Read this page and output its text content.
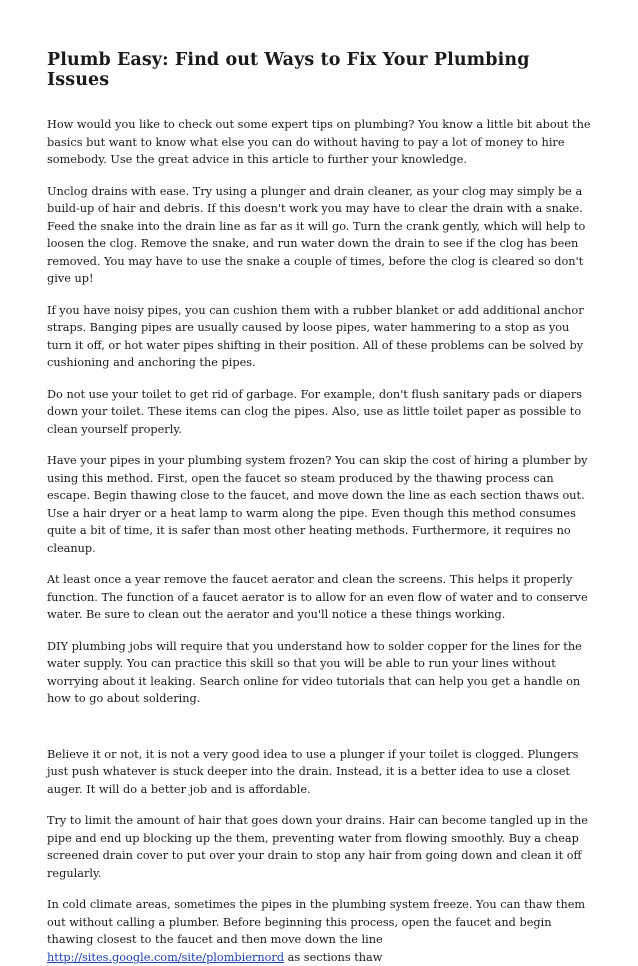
Plumb Easy: Find out Ways to Fix Your Plumbing Issues

How would you like to check out some expert tips on plumbing? You know a little bit about the basics but want to know what else you can do without having to pay a lot of money to hire somebody. Use the great advice in this article to further your knowledge.

Unclog drains with ease. Try using a plunger and drain cleaner, as your clog may simply be a build-up of hair and debris. If this doesn't work you may have to clear the drain with a snake. Feed the snake into the drain line as far as it will go. Turn the crank gently, which will help to loosen the clog. Remove the snake, and run water down the drain to see if the clog has been removed. You may have to use the snake a couple of times, before the clog is cleared so don't give up!

If you have noisy pipes, you can cushion them with a rubber blanket or add additional anchor straps. Banging pipes are usually caused by loose pipes, water hammering to a stop as you turn it off, or hot water pipes shifting in their position. All of these problems can be solved by cushioning and anchoring the pipes.

Do not use your toilet to get rid of garbage. For example, don't flush sanitary pads or diapers down your toilet. These items can clog the pipes. Also, use as little toilet paper as possible to clean yourself properly.

Have your pipes in your plumbing system frozen? You can skip the cost of hiring a plumber by using this method. First, open the faucet so steam produced by the thawing process can escape. Begin thawing close to the faucet, and move down the line as each section thaws out. Use a hair dryer or a heat lamp to warm along the pipe. Even though this method consumes quite a bit of time, it is safer than most other heating methods. Furthermore, it requires no cleanup.

At least once a year remove the faucet aerator and clean the screens. This helps it properly function. The function of a faucet aerator is to allow for an even flow of water and to conserve water. Be sure to clean out the aerator and you'll notice a these things working.

DIY plumbing jobs will require that you understand how to solder copper for the lines for the water supply. You can practice this skill so that you will be able to run your lines without worrying about it leaking. Search online for video tutorials that can help you get a handle on how to go about soldering.

Believe it or not, it is not a very good idea to use a plunger if your toilet is clogged. Plungers just push whatever is stuck deeper into the drain. Instead, it is a better idea to use a closet auger. It will do a better job and is affordable.

Try to limit the amount of hair that goes down your drains. Hair can become tangled up in the pipe and end up blocking up the them, preventing water from flowing smoothly. Buy a cheap screened drain cover to put over your drain to stop any hair from going down and clean it off regularly.

In cold climate areas, sometimes the pipes in the plumbing system freeze. You can thaw them out without calling a plumber. Before beginning this process, open the faucet and begin thawing closest to the faucet and then move down the line http://sites.google.com/site/plombiernord as sections thaw
